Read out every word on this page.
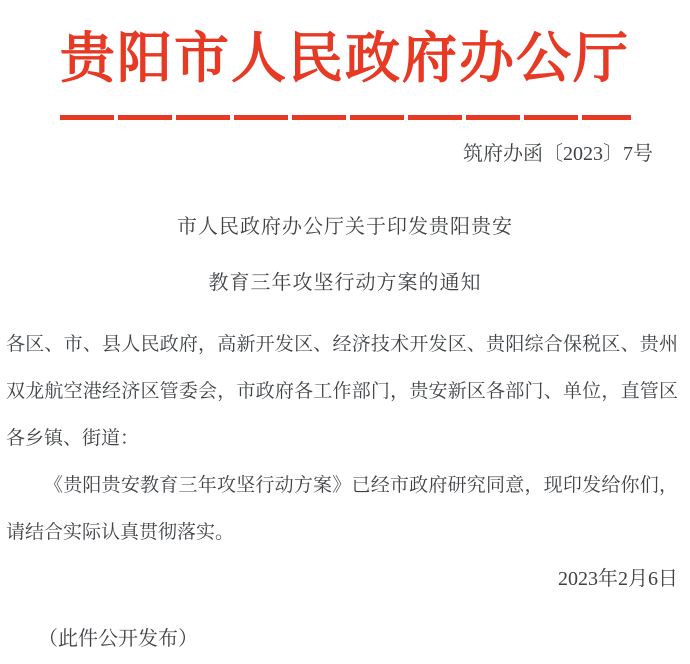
贵阳市人民政府办公厅
筑府办函〔2023〕7号
市人民政府办公厅关于印发贵阳贵安
教育三年攻坚行动方案的通知

各区、市、县人民政府，高新开发区、经济技术开发区、贵阳综合保税区、贵州双龙航空港经济区管委会，市政府各工作部门，贵安新区各部门、单位，直管区各乡镇、街道：

《贵阳贵安教育三年攻坚行动方案》已经市政府研究同意，现印发给你们，请结合实际认真贯彻落实。

2023年2月6日
（此件公开发布）
